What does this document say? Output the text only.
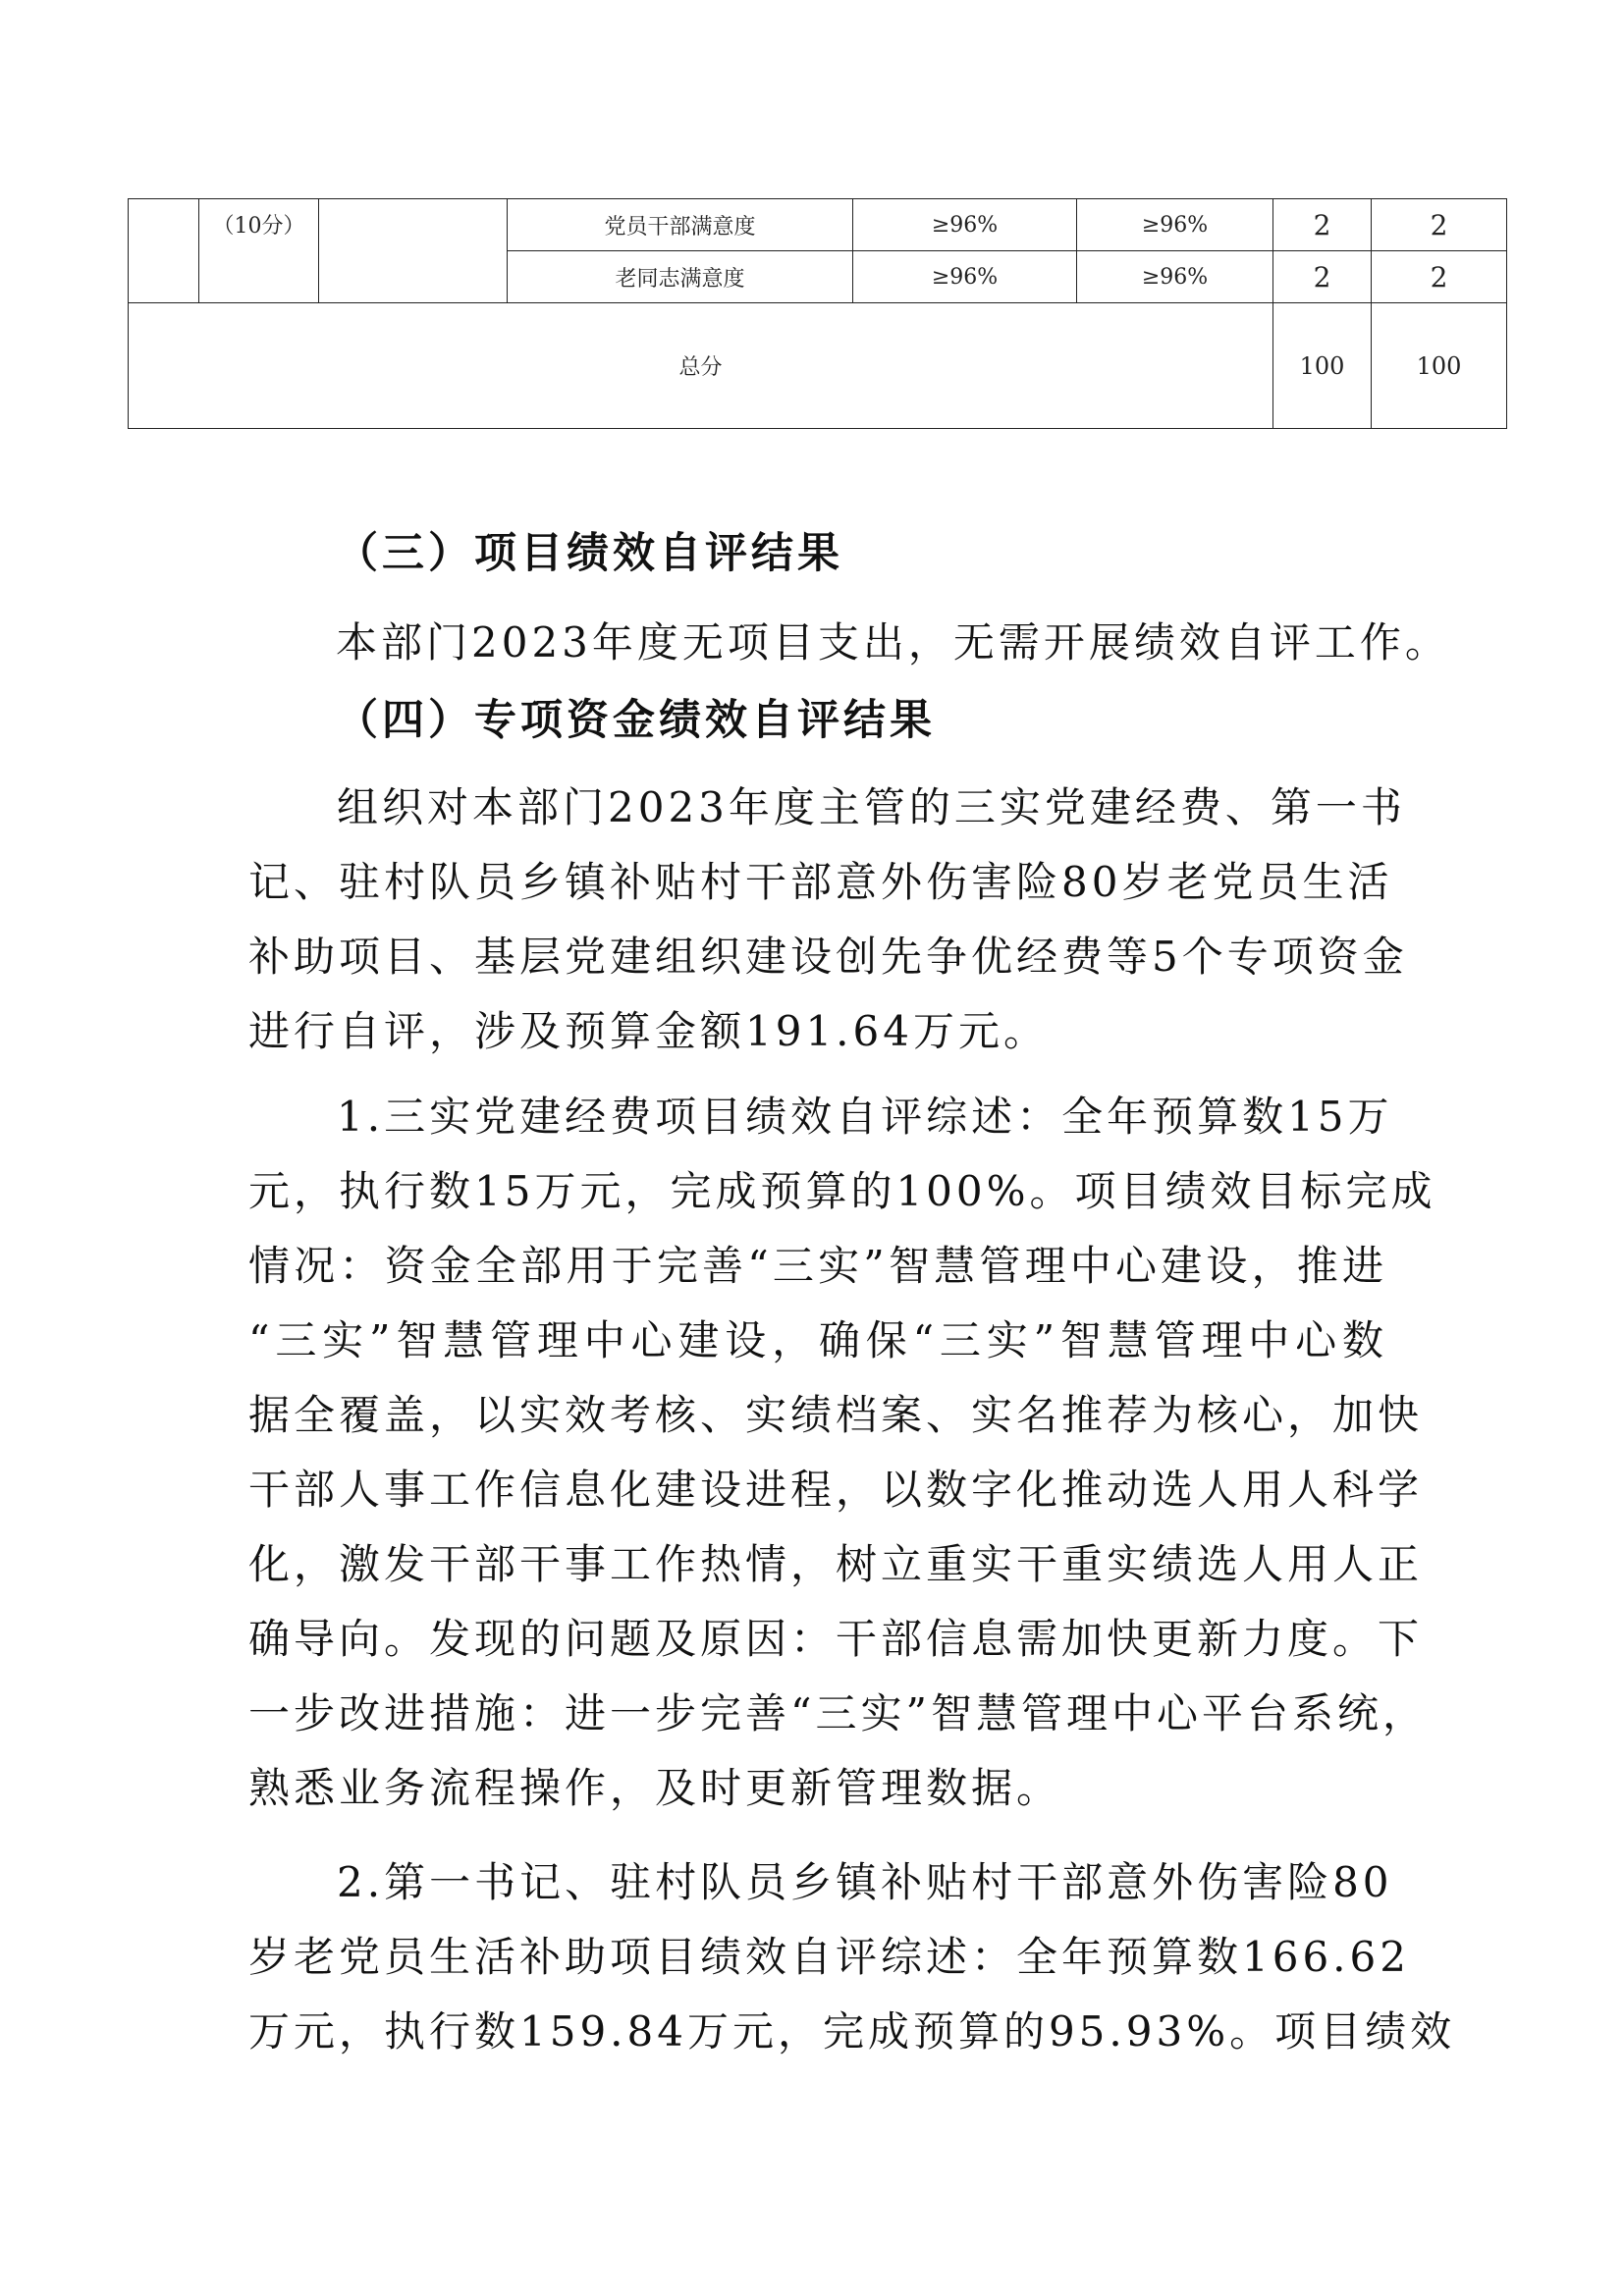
	（10分）		党员干部满意度	≥96%	≥96%	2	2
			老同志满意度	≥96%	≥96%	2	2
总分						100	100
（三）项目绩效自评结果

本部门2023年度无项目支出，无需开展绩效自评工作。

（四）专项资金绩效自评结果

组织对本部门2023年度主管的三实党建经费、第一书
记、驻村队员乡镇补贴村干部意外伤害险80岁老党员生活
补助项目、基层党建组织建设创先争优经费等5个专项资金
进行自评，涉及预算金额191.64万元。

1.三实党建经费项目绩效自评综述：全年预算数15万
元，执行数15万元，完成预算的100%。项目绩效目标完成
情况：资金全部用于完善“三实”智慧管理中心建设，推进
“三实”智慧管理中心建设，确保“三实”智慧管理中心数
据全覆盖，以实效考核、实绩档案、实名推荐为核心，加快
干部人事工作信息化建设进程，以数字化推动选人用人科学
化，激发干部干事工作热情，树立重实干重实绩选人用人正
确导向。发现的问题及原因：干部信息需加快更新力度。下
一步改进措施：进一步完善“三实”智慧管理中心平台系统，
熟悉业务流程操作，及时更新管理数据。

2.第一书记、驻村队员乡镇补贴村干部意外伤害险80
岁老党员生活补助项目绩效自评综述：全年预算数166.62
万元，执行数159.84万元，完成预算的95.93%。项目绩效
